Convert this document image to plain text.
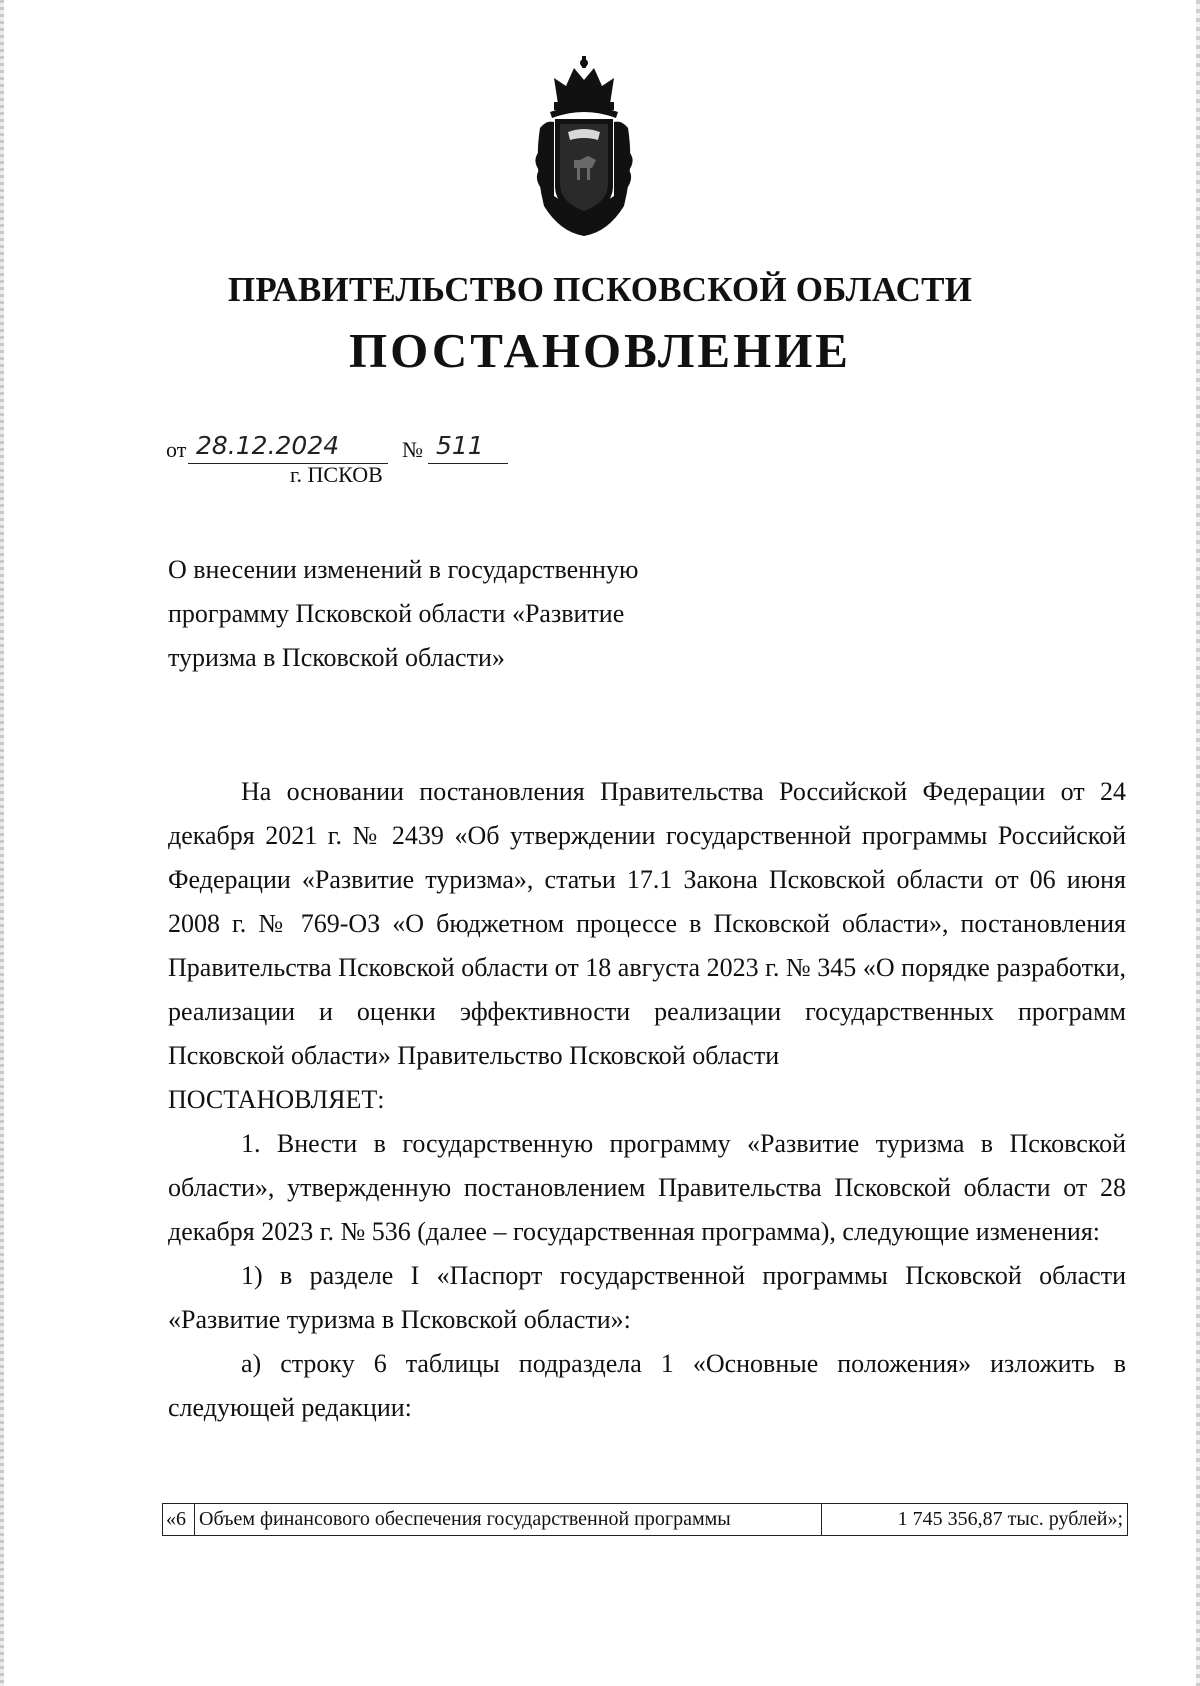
ПРАВИТЕЛЬСТВО ПСКОВСКОЙ ОБЛАСТИ
ПОСТАНОВЛЕНИЕ
от 28.12.2024	№ 511
г. ПСКОВ
О внесении изменений в государственную
программу Псковской области «Развитие
туризма в Псковской области»

На основании постановления Правительства Российской Федерации от 24 декабря 2021 г. № 2439 «Об утверждении государственной программы Российской Федерации «Развитие туризма», статьи 17.1 Закона Псковской области от 06 июня 2008 г. № 769-ОЗ «О бюджетном процессе в Псковской области», постановления Правительства Псковской области от 18 августа 2023 г. № 345 «О порядке разработки, реализации и оценки эффективности реализации государственных программ Псковской области» Правительство Псковской области

ПОСТАНОВЛЯЕТ:

1. Внести в государственную программу «Развитие туризма в Псковской области», утвержденную постановлением Правительства Псковской области от 28 декабря 2023 г. № 536 (далее – государственная программа), следующие изменения:

1) в разделе I «Паспорт государственной программы Псковской области «Развитие туризма в Псковской области»:

а) строку 6 таблицы подраздела 1 «Основные положения» изложить в следующей редакции:

«6	Объем финансового обеспечения государственной программы	1 745 356,87 тыс. рублей»;
